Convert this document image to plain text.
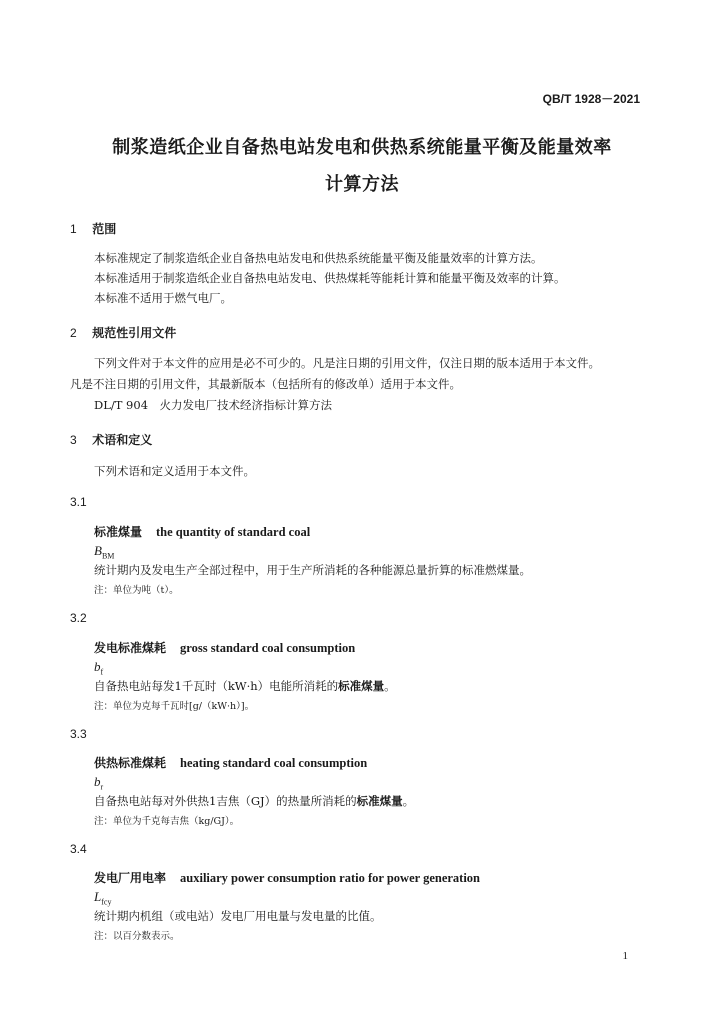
QB/T 1928－2021
制浆造纸企业自备热电站发电和供热系统能量平衡及能量效率
计算方法
1 范围
本标准规定了制浆造纸企业自备热电站发电和供热系统能量平衡及能量效率的计算方法。
本标准适用于制浆造纸企业自备热电站发电、供热煤耗等能耗计算和能量平衡及效率的计算。
本标准不适用于燃气电厂。
2 规范性引用文件
下列文件对于本文件的应用是必不可少的。凡是注日期的引用文件，仅注日期的版本适用于本文件。
凡是不注日期的引用文件，其最新版本（包括所有的修改单）适用于本文件。
DL/T 904　火力发电厂技术经济指标计算方法
3 术语和定义
下列术语和定义适用于本文件。
3.1
标准煤量 the quantity of standard coal
$B_{BM}$
统计期内及发电生产全部过程中，用于生产所消耗的各种能源总量折算的标准燃煤量。
注：单位为吨（t）。
3.2
发电标准煤耗 gross standard coal consumption
$b_f$
自备热电站每发1千瓦时（kW·h）电能所消耗的标准煤量。
注：单位为克每千瓦时[g/（kW·h）]。
3.3
供热标准煤耗 heating standard coal consumption
$b_r$
自备热电站每对外供热1吉焦（GJ）的热量所消耗的标准煤量。
注：单位为千克每吉焦（kg/GJ）。
3.4
发电厂用电率 auxiliary power consumption ratio for power generation
$L_{fcy}$
统计期内机组（或电站）发电厂用电量与发电量的比值。
注：以百分数表示。
1
